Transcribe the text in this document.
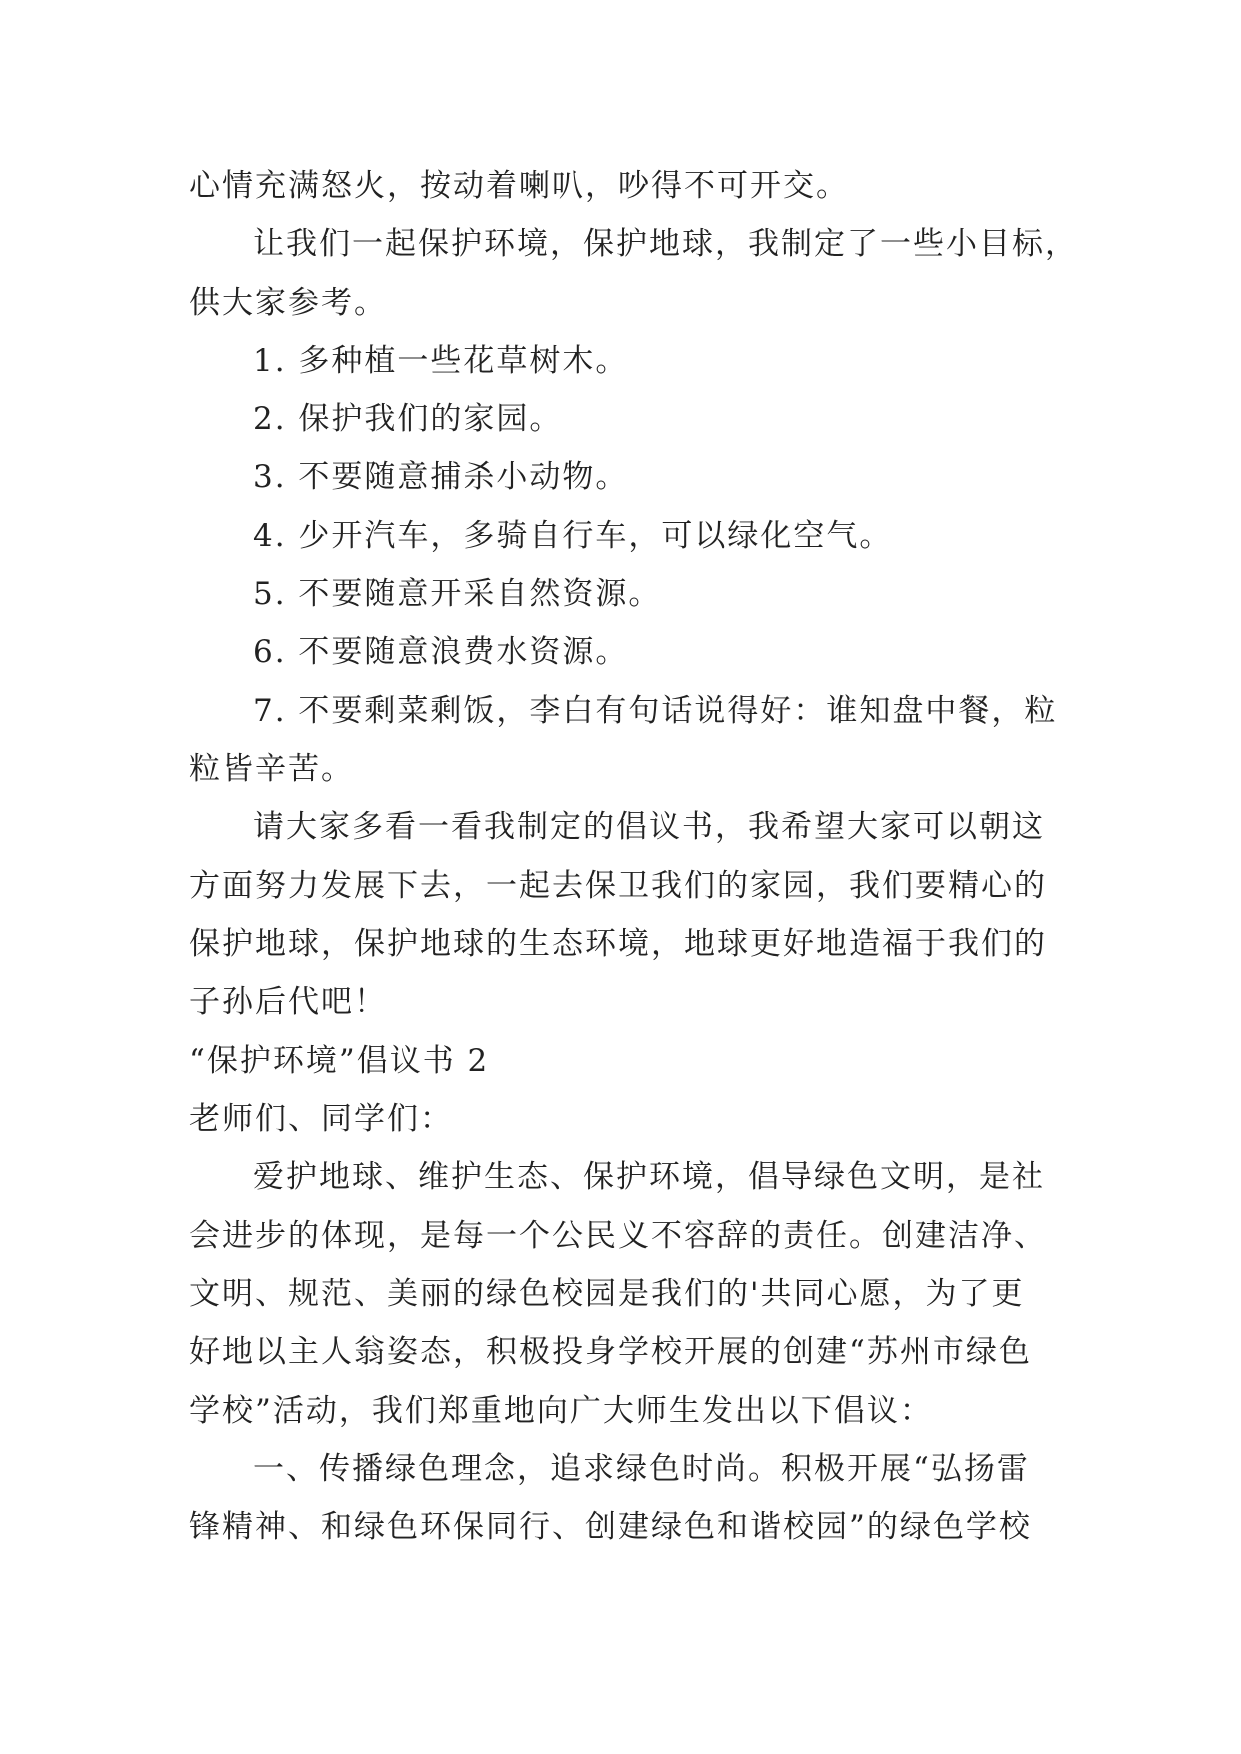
心情充满怒火，按动着喇叭，吵得不可开交。
让我们一起保护环境，保护地球，我制定了一些小目标，
供大家参考。
1. 多种植一些花草树木。
2. 保护我们的家园。
3. 不要随意捕杀小动物。
4. 少开汽车，多骑自行车，可以绿化空气。
5. 不要随意开采自然资源。
6. 不要随意浪费水资源。
7. 不要剩菜剩饭，李白有句话说得好：谁知盘中餐，粒
粒皆辛苦。
请大家多看一看我制定的倡议书，我希望大家可以朝这
方面努力发展下去，一起去保卫我们的家园，我们要精心的
保护地球，保护地球的生态环境，地球更好地造福于我们的
子孙后代吧！
“保护环境”倡议书 2
老师们、同学们：
爱护地球、维护生态、保护环境，倡导绿色文明，是社
会进步的体现，是每一个公民义不容辞的责任。创建洁净、
文明、规范、美丽的绿色校园是我们的'共同心愿，为了更
好地以主人翁姿态，积极投身学校开展的创建“苏州市绿色
学校”活动，我们郑重地向广大师生发出以下倡议：
一、传播绿色理念，追求绿色时尚。积极开展“弘扬雷
锋精神、和绿色环保同行、创建绿色和谐校园”的绿色学校
